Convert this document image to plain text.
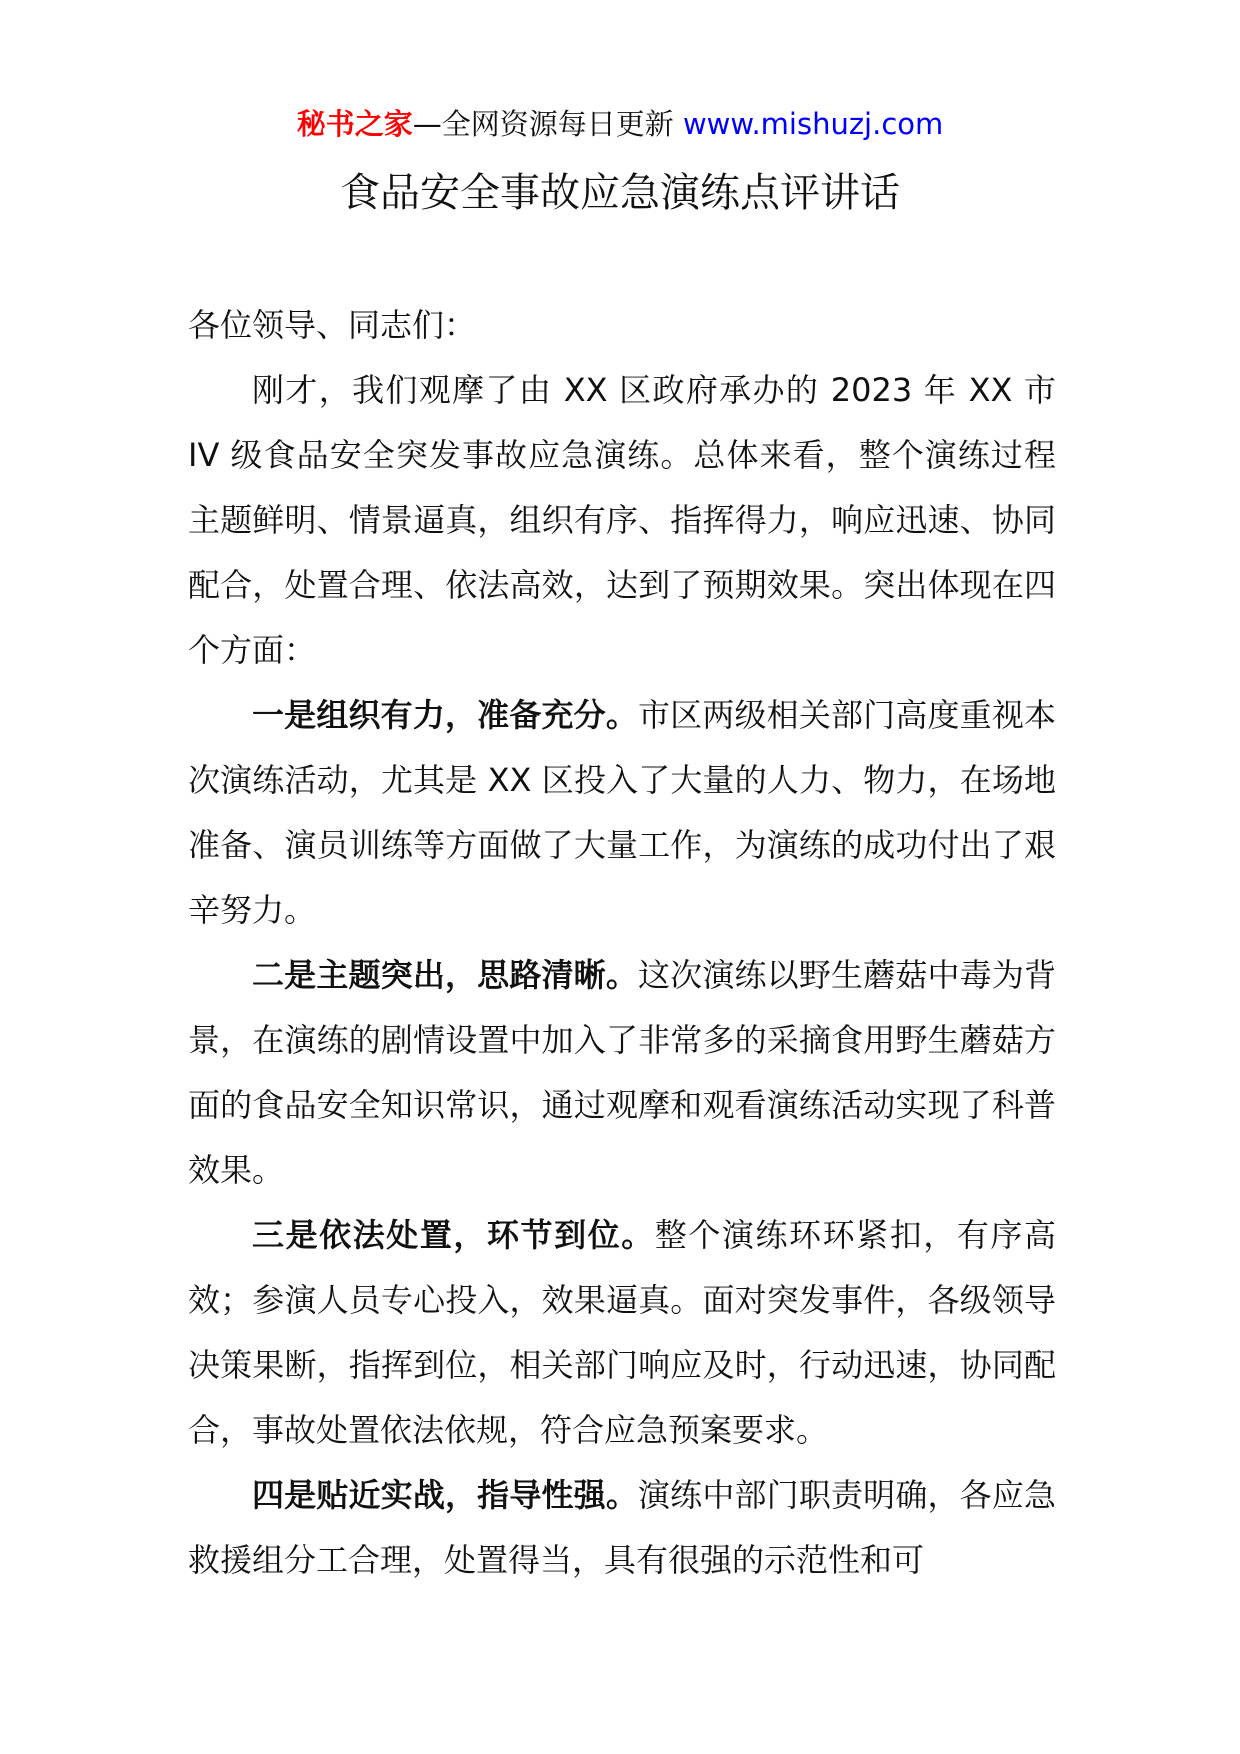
秘书之家—全网资源每日更新 www.mishuzj.com
食品安全事故应急演练点评讲话

各位领导、同志们：

刚才，我们观摩了由 XX 区政府承办的 2023 年 XX 市 IV 级食品安全突发事故应急演练。总体来看，整个演练过程主题鲜明、情景逼真，组织有序、指挥得力，响应迅速、协同配合，处置合理、依法高效，达到了预期效果。突出体现在四个方面：

一是组织有力，准备充分。市区两级相关部门高度重视本次演练活动，尤其是 XX 区投入了大量的人力、物力，在场地准备、演员训练等方面做了大量工作，为演练的成功付出了艰辛努力。

二是主题突出，思路清晰。这次演练以野生蘑菇中毒为背景，在演练的剧情设置中加入了非常多的采摘食用野生蘑菇方面的食品安全知识常识，通过观摩和观看演练活动实现了科普效果。

三是依法处置，环节到位。整个演练环环紧扣，有序高效；参演人员专心投入，效果逼真。面对突发事件，各级领导决策果断，指挥到位，相关部门响应及时，行动迅速，协同配合，事故处置依法依规，符合应急预案要求。

四是贴近实战，指导性强。演练中部门职责明确，各应急救援组分工合理，处置得当，具有很强的示范性和可
